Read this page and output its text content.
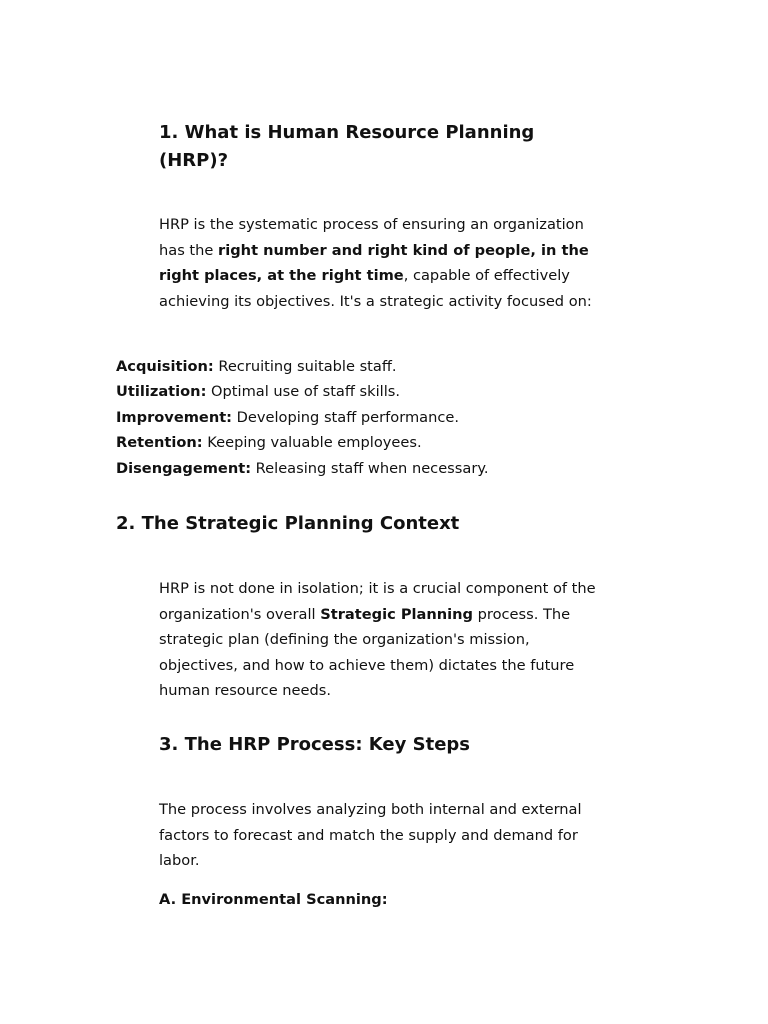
1. What is Human Resource Planning
(HRP)?

HRP is the systematic process of ensuring an organization has the right number and right kind of people, in the right places, at the right time, capable of effectively achieving its objectives. It's a strategic activity focused on:

Acquisition: Recruiting suitable staff.
Utilization: Optimal use of staff skills.
Improvement: Developing staff performance.
Retention: Keeping valuable employees.
Disengagement: Releasing staff when necessary.
2. The Strategic Planning Context

HRP is not done in isolation; it is a crucial component of the organization's overall Strategic Planning process. The strategic plan (defining the organization's mission, objectives, and how to achieve them) dictates the future human resource needs.

3. The HRP Process: Key Steps

The process involves analyzing both internal and external factors to forecast and match the supply and demand for labor.

A. Environmental Scanning:
